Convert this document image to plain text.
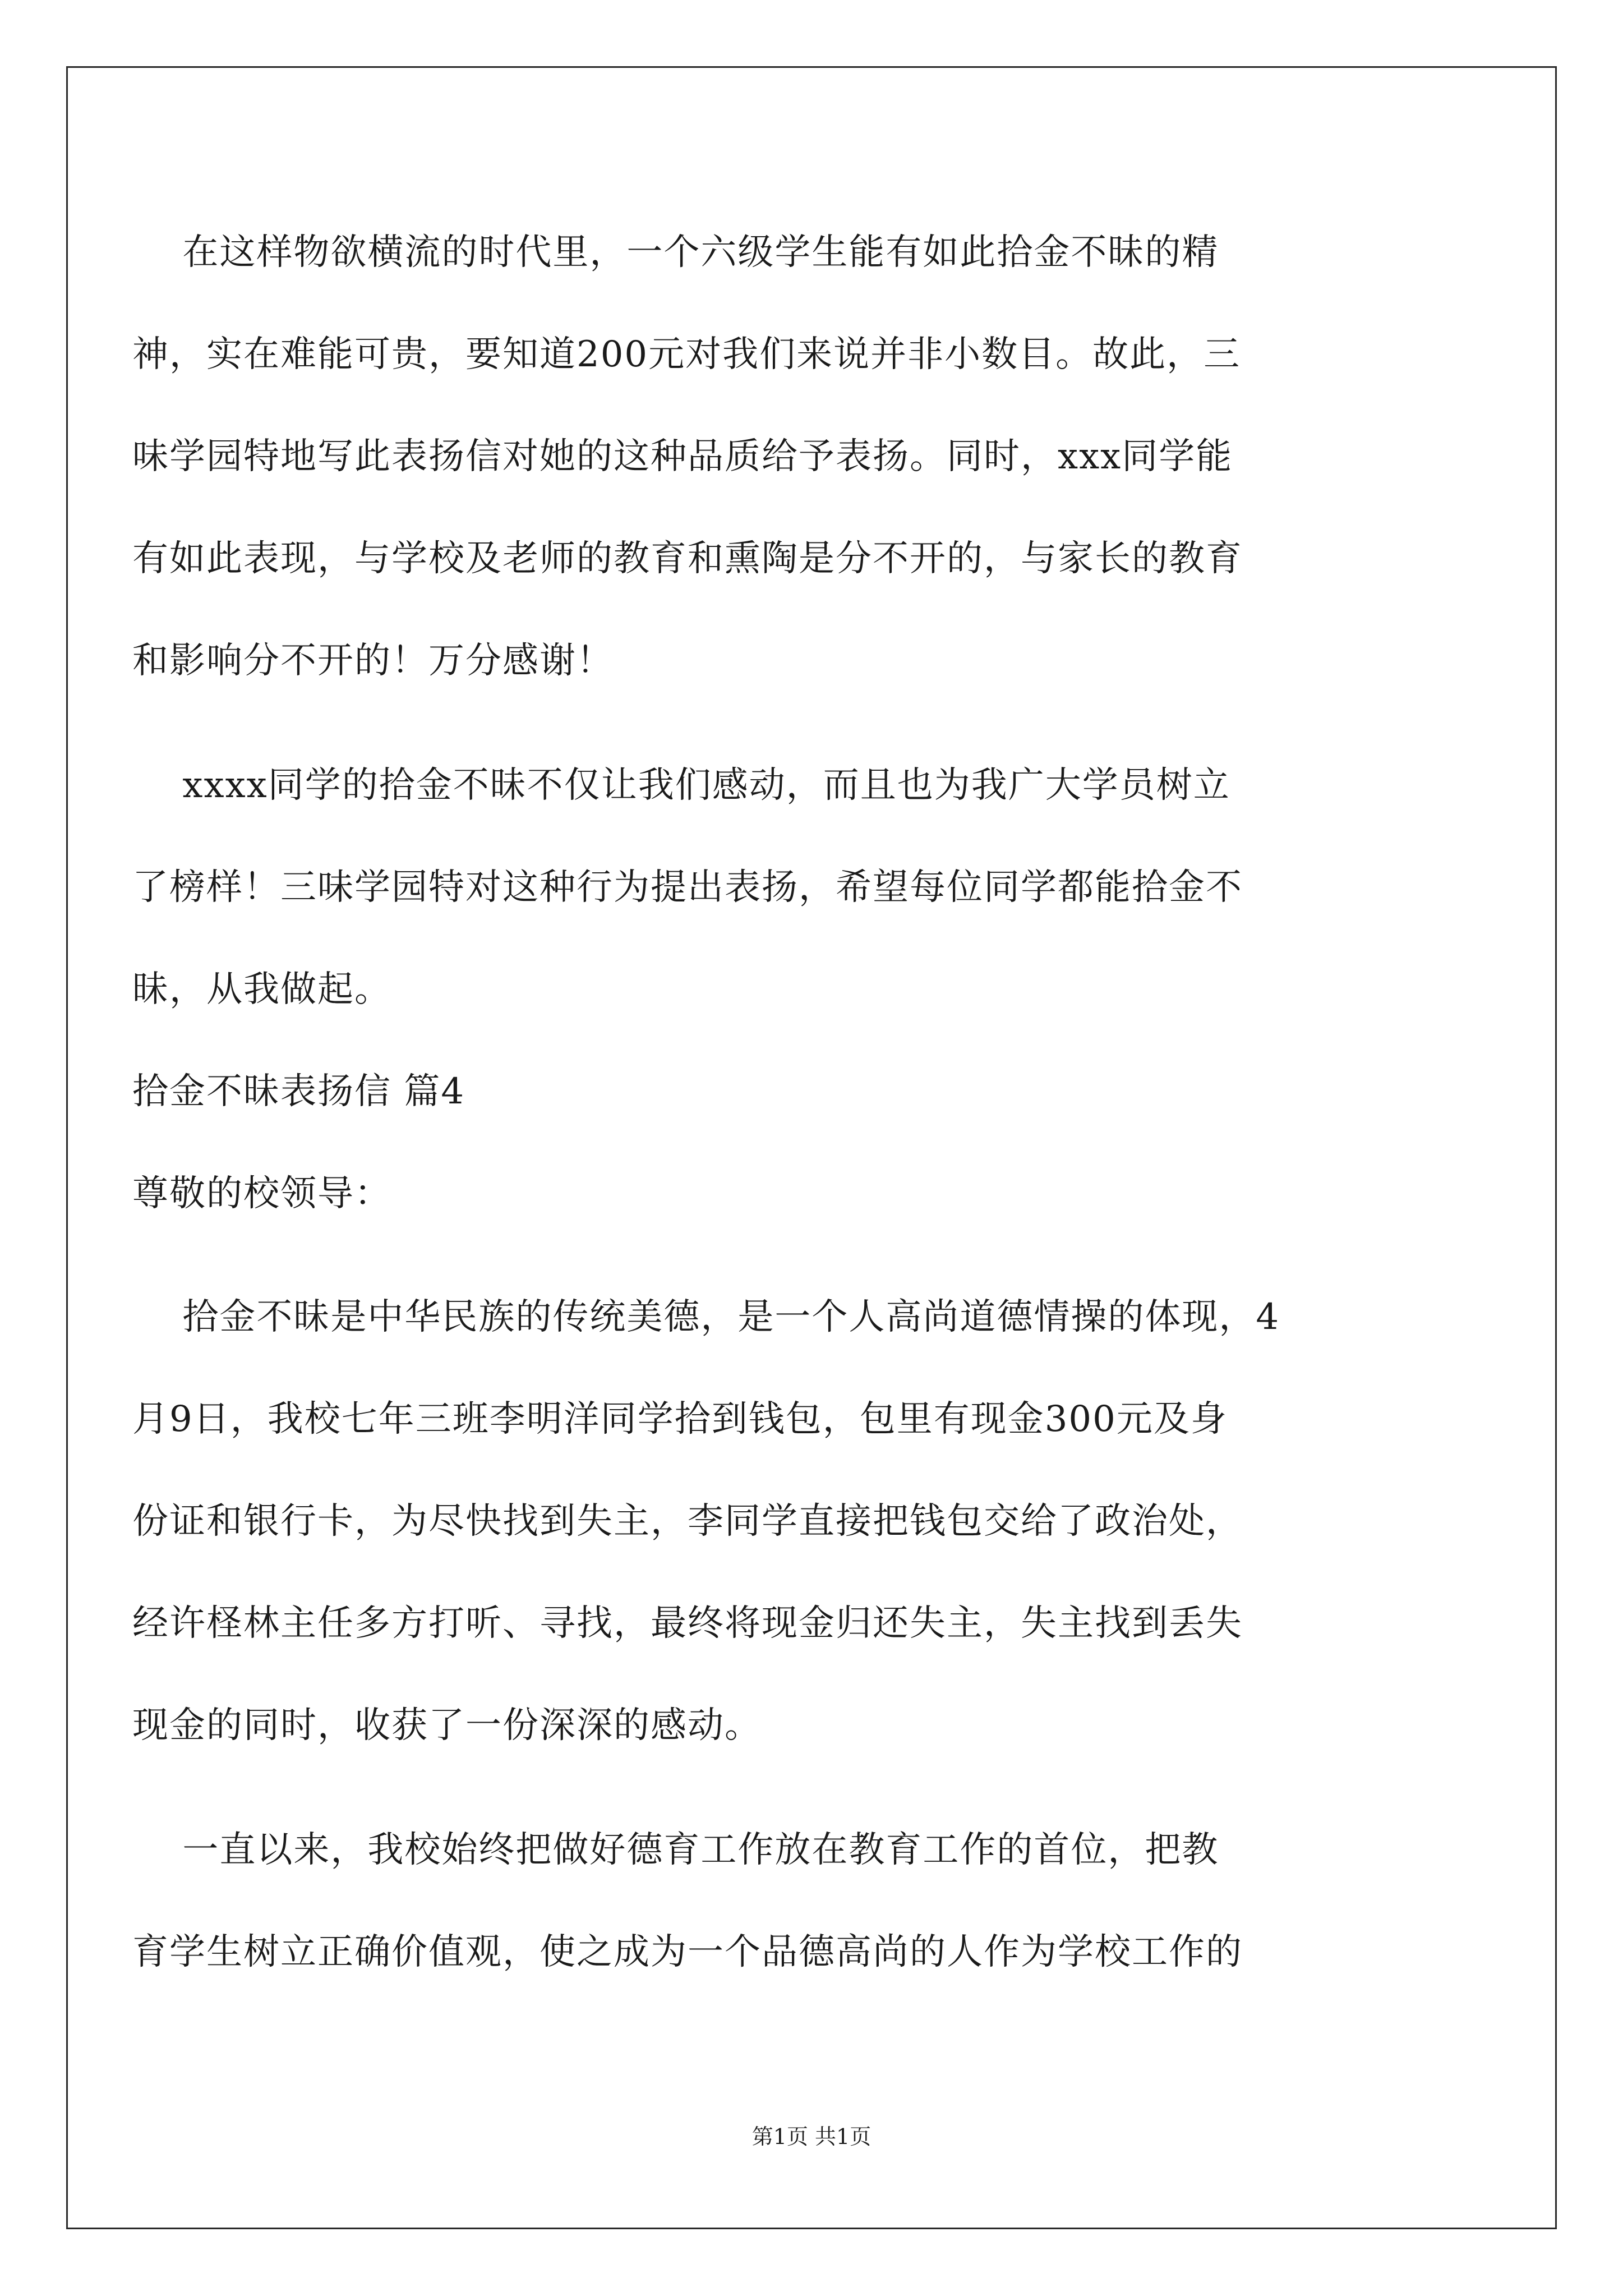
在这样物欲横流的时代里，一个六级学生能有如此拾金不昧的精
神，实在难能可贵，要知道200元对我们来说并非小数目。故此，三
味学园特地写此表扬信对她的这种品质给予表扬。同时，xxx同学能
有如此表现，与学校及老师的教育和熏陶是分不开的，与家长的教育
和影响分不开的！万分感谢！
xxxx同学的拾金不昧不仅让我们感动，而且也为我广大学员树立
了榜样！三味学园特对这种行为提出表扬，希望每位同学都能拾金不
昧，从我做起。
拾金不昧表扬信 篇4
尊敬的校领导：
拾金不昧是中华民族的传统美德，是一个人高尚道德情操的体现，4
月9日，我校七年三班李明洋同学拾到钱包，包里有现金300元及身
份证和银行卡，为尽快找到失主，李同学直接把钱包交给了政治处，
经许柽林主任多方打听、寻找，最终将现金归还失主，失主找到丢失
现金的同时，收获了一份深深的感动。
一直以来，我校始终把做好德育工作放在教育工作的首位，把教
育学生树立正确价值观，使之成为一个品德高尚的人作为学校工作的
第1页 共1页
